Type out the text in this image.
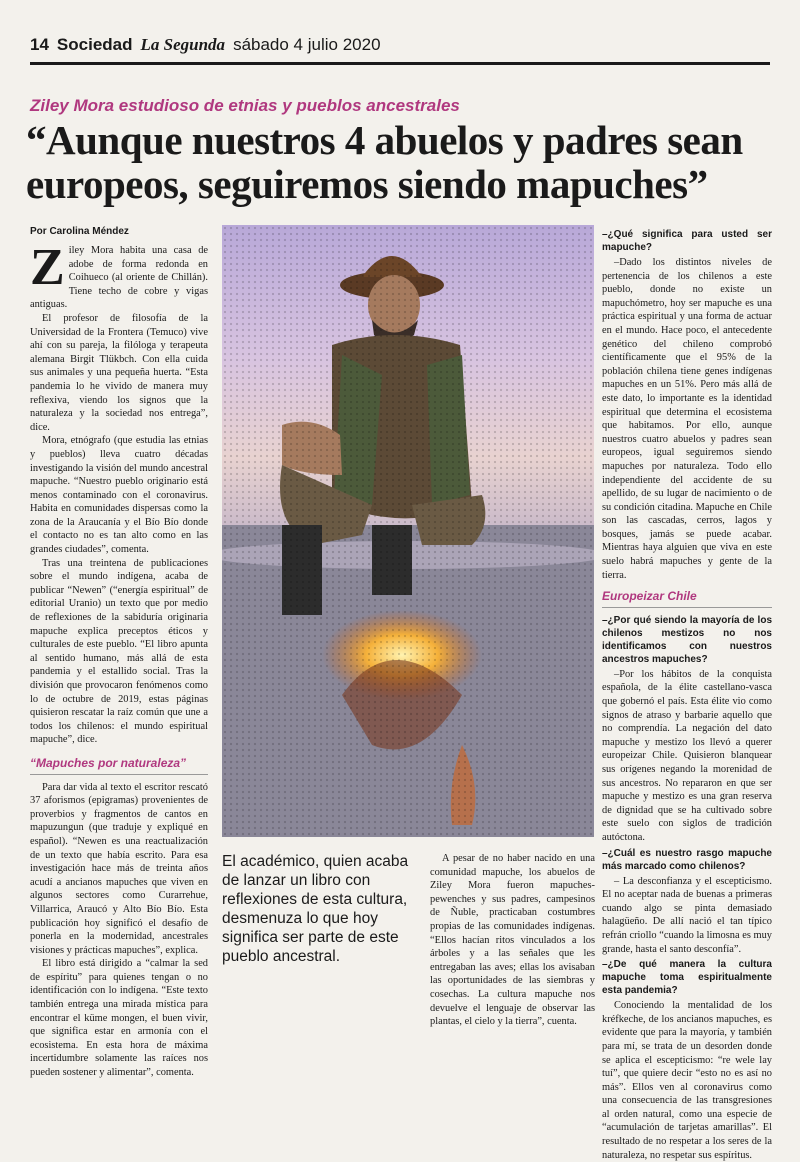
14 Sociedad La Segunda sábado 4 julio 2020
Ziley Mora estudioso de etnias y pueblos ancestrales
“Aunque nuestros 4 abuelos y padres sean europeos, seguiremos siendo mapuches”
Por Carolina Méndez

Ziley Mora habita una casa de adobe de forma redonda en Coihueco (al oriente de Chillán). Tiene techo de cobre y vigas antiguas.

El profesor de filosofía de la Universidad de la Frontera (Temuco) vive ahí con su pareja, la filóloga y terapeuta alemana Birgit Tlükbch. Con ella cuida sus animales y una pequeña huerta. “Esta pandemia lo he vivido de manera muy reflexiva, viendo los signos que la naturaleza y la sociedad nos entrega”, dice.

Mora, etnógrafo (que estudia las etnias y pueblos) lleva cuatro décadas investigando la visión del mundo ancestral mapuche. “Nuestro pueblo originario está menos contaminado con el coronavirus. Habita en comunidades dispersas como la zona de la Araucanía y el Bío Bío donde el contacto no es tan alto como en las grandes ciudades”, comenta.

Tras una treintena de publicaciones sobre el mundo indígena, acaba de publicar “Newen” (“energía espiritual” de editorial Uranio) un texto que por medio de reflexiones de la sabiduría originaria mapuche explica preceptos éticos y culturales de este pueblo. “El libro apunta al sentido humano, más allá de esta pandemia y el estallido social. Tras la división que provocaron fenómenos como lo de octubre de 2019, estas páginas quisieron rescatar la raíz común que une a todos los chilenos: el mundo espiritual mapuche”, dice.

“Mapuches por naturaleza”

Para dar vida al texto el escritor rescató 37 aforismos (epigramas) provenientes de proverbios y fragmentos de cantos en mapuzungun (que traduje y expliqué en español). “Newen es una reactualización de un texto que había escrito. Para esa investigación hace más de treinta años acudí a ancianos mapuches que viven en algunos sectores como Curarrehue, Villarrica, Araucó y Alto Bío Bío. Esta publicación hoy significó el desafío de ponerla en la modernidad, ancestrales visiones y prácticas mapuches”, explica.

El libro está dirigido a “calmar la sed de espíritu” para quienes tengan o no identificación con lo indígena. “Este texto también entrega una mirada mística para encontrar el küme mongen, el buen vivir, que significa estar en armonía con el ecosistema. En esta hora de máxima incertidumbre solamente las raíces nos pueden sostener y alimentar”, comenta.

El académico, quien acaba de lanzar un libro con reflexiones de esta cultura, desmenuza lo que hoy significa ser parte de este pueblo ancestral.

A pesar de no haber nacido en una comunidad mapuche, los abuelos de Ziley Mora fueron mapuches-pewenches y sus padres, campesinos de Ñuble, practicaban costumbres propias de las comunidades indígenas. “Ellos hacían ritos vinculados a los árboles y a las señales que les entregaban las aves; ellas los avisaban las oportunidades de las siembras y cosechas. La cultura mapuche nos devuelve el lenguaje de observar las plantas, el cielo y la tierra”, cuenta.

–¿Qué significa para usted ser mapuche?

–Dado los distintos niveles de pertenencia de los chilenos a este pueblo, donde no existe un mapuchómetro, hoy ser mapuche es una práctica espiritual y una forma de actuar en el mundo. Hace poco, el antecedente genético del chileno comprobó científicamente que el 95% de la población chilena tiene genes indígenas mapuches en un 51%. Pero más allá de este dato, lo importante es la identidad espiritual que determina el ecosistema que habitamos. Por ello, aunque nuestros cuatro abuelos y padres sean europeos, igual seguiremos siendo mapuches por naturaleza. Todo ello independiente del accidente de su apellido, de su lugar de nacimiento o de su condición citadina. Mapuche en Chile son las cascadas, cerros, lagos y bosques, jamás se puede acabar. Mientras haya alguien que viva en este suelo habrá mapuches y gente de la tierra.

Europeizar Chile
–¿Por qué siendo la mayoría de los chilenos mestizos no nos identificamos con nuestros ancestros mapuches?

–Por los hábitos de la conquista española, de la élite castellano-vasca que gobernó el país. Esta élite vio como signos de atraso y barbarie aquello que no comprendía. La negación del dato mapuche y mestizo los llevó a querer europeizar Chile. Quisieron blanquear sus orígenes negando la morenidad de sus ancestros. No repararon en que ser mapuche y mestizo es una gran reserva de dignidad que se ha cultivado sobre este suelo con siglos de tradición autóctona.

–¿Cuál es nuestro rasgo mapuche más marcado como chilenos?

– La desconfianza y el escepticismo. El no aceptar nada de buenas a primeras cuando algo se pinta demasiado halagüeño. De allí nació el tan típico refrán criollo “cuando la limosna es muy grande, hasta el santo desconfía”.

–¿De qué manera la cultura mapuche toma espiritualmente esta pandemia?

Conociendo la mentalidad de los kréfkeche, de los ancianos mapuches, es evidente que para la mayoría, y también para mí, se trata de un desorden donde se aplica el escepticismo: “re wele lay tuí”, que quiere decir “esto no es así no más”. Ellos ven al coronavirus como una consecuencia de las transgresiones al orden natural, como una especie de “acumulación de tarjetas amarillas”. El resultado de no respetar a los seres de la naturaleza, no respetar sus espíritus.
